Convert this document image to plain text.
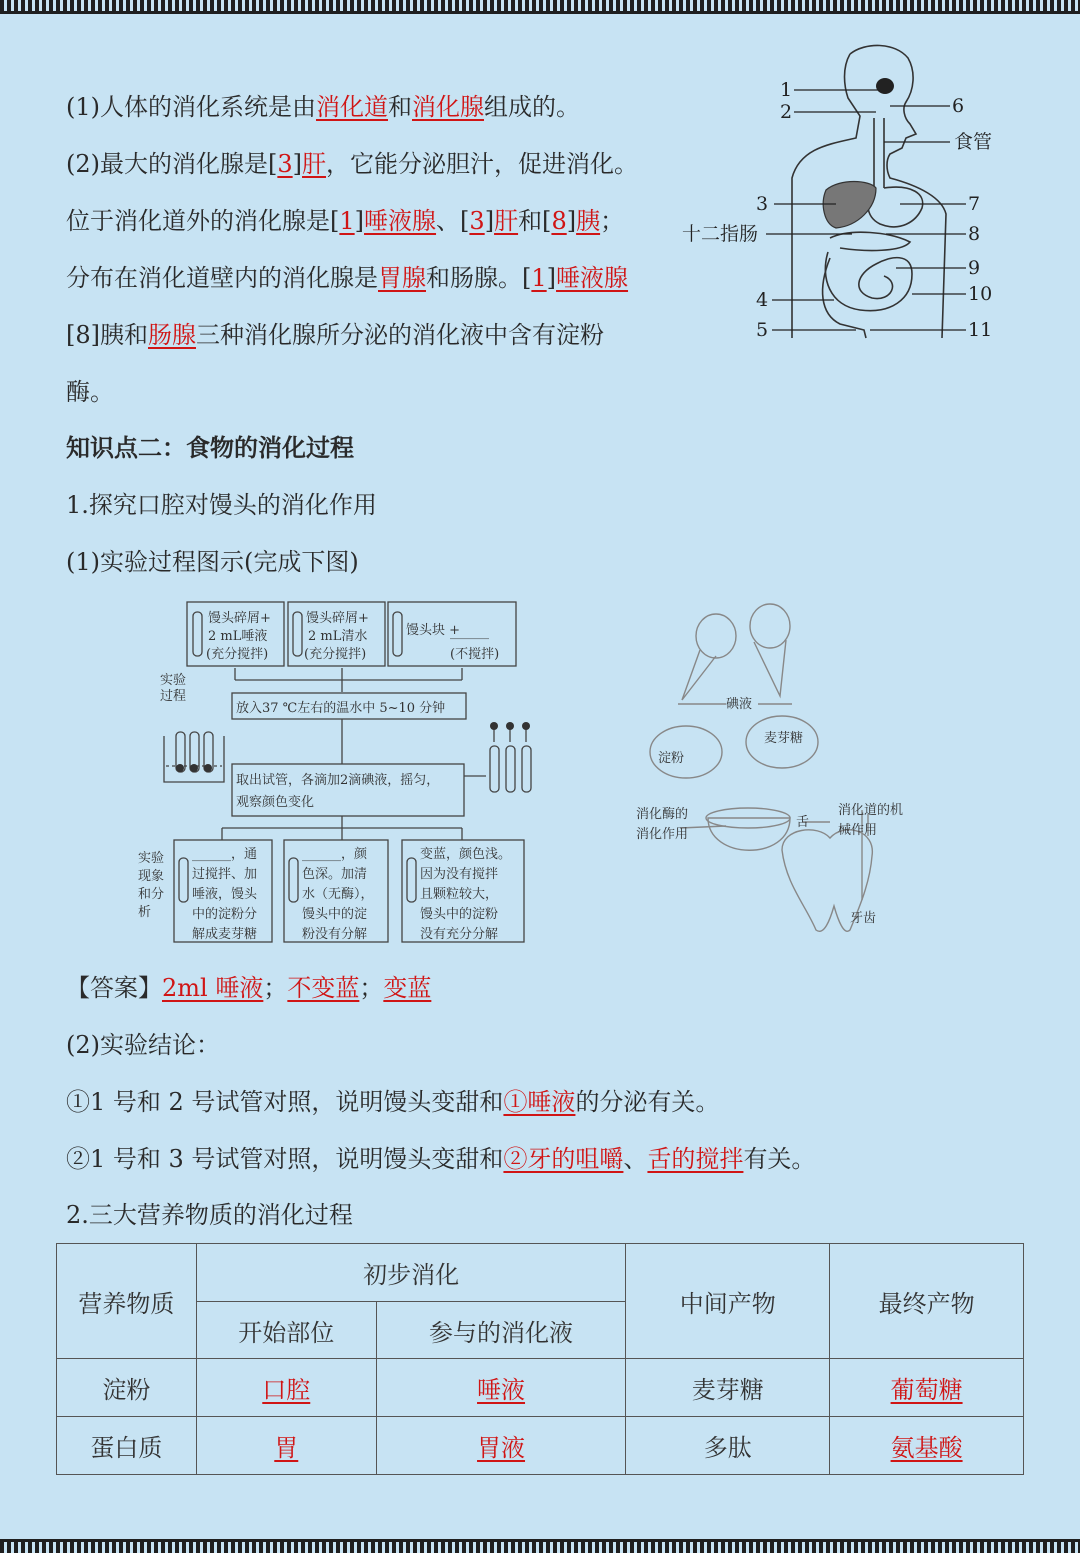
(1)人体的消化系统是由消化道和消化腺组成的。
(2)最大的消化腺是[3]肝，它能分泌胆汁，促进消化。
位于消化道外的消化腺是[1]唾液腺、[3]肝和[8]胰；
分布在消化道壁内的消化腺是胃腺和肠腺。[1]唾液腺
[8]胰和肠腺三种消化腺所分泌的消化液中含有淀粉
酶。
1
2	6
食管
3	7
十二指肠	8
9
10
4
5	11
知识点二：食物的消化过程
1.探究口腔对馒头的消化作用
(1)实验过程图示(完成下图)
馒头碎屑+
2 mL唾液
(充分搅拌)
馒头碎屑+
2 mL清水
(充分搅拌)
馒头块 +
______
(不搅拌)
实验
过程
放入37 ℃左右的温水中 5~10 分钟
取出试管，各滴加2滴碘液，摇匀，
观察颜色变化
实验
现象
和分
析
______，通
过搅拌、加
唾液，馒头
中的淀粉分
解成麦芽糖
______，颜
色深。加清
水（无酶），
馒头中的淀
粉没有分解
变蓝，颜色浅。
因为没有搅拌
且颗粒较大，
馒头中的淀粉
没有充分分解
碘液
淀粉
麦芽糖
消化酶的
消化作用
舌
消化道的机
械作用
牙齿
【答案】2ml 唾液；不变蓝；变蓝
(2)实验结论：
①1 号和 2 号试管对照，说明馒头变甜和①唾液的分泌有关。
②1 号和 3 号试管对照，说明馒头变甜和②牙的咀嚼、舌的搅拌有关。
2.三大营养物质的消化过程
营养物质	初步消化		中间产物	最终产物
	开始部位	参与的消化液		
淀粉	口腔	唾液	麦芽糖	葡萄糖
蛋白质	胃	胃液	多肽	氨基酸
